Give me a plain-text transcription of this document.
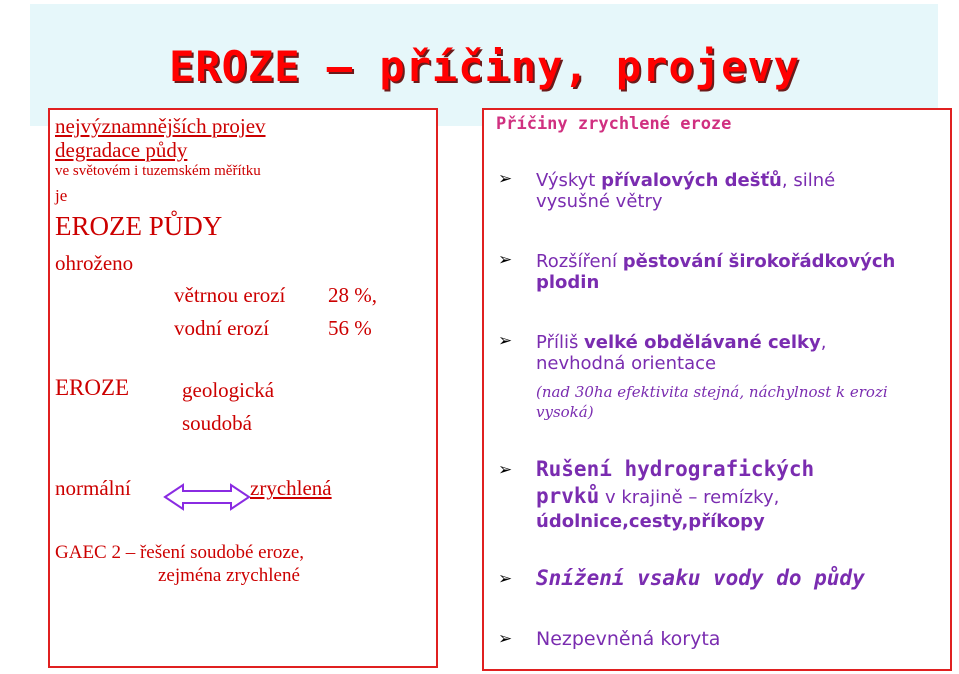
EROZE – příčiny, projevy
nejvýznamnějších projev
degradace půdy
ve světovém i tuzemském měřítku
je
EROZE PŮDY
ohroženo
větrnou erozí 28 %,
vodní erozí	56 %
EROZE	geologická
soudobá
normální	zrychlená
GAEC 2 – řešení soudobé eroze,
zejména zrychlené
Příčiny zrychlené eroze
➢ Výskyt přívalových dešťů, silné
vysušné větry
➢ Rozšíření pěstování širokořádkových
plodin
➢ Příliš velké obdělávané celky,
nevhodná orientace
(nad 30ha efektivita stejná, náchylnost k erozi
vysoká)
➢ Rušení hydrografických
prvků v krajině – remízky,
údolnice,cesty,příkopy
➢ Snížení vsaku vody do půdy
➢ Nezpevněná koryta
